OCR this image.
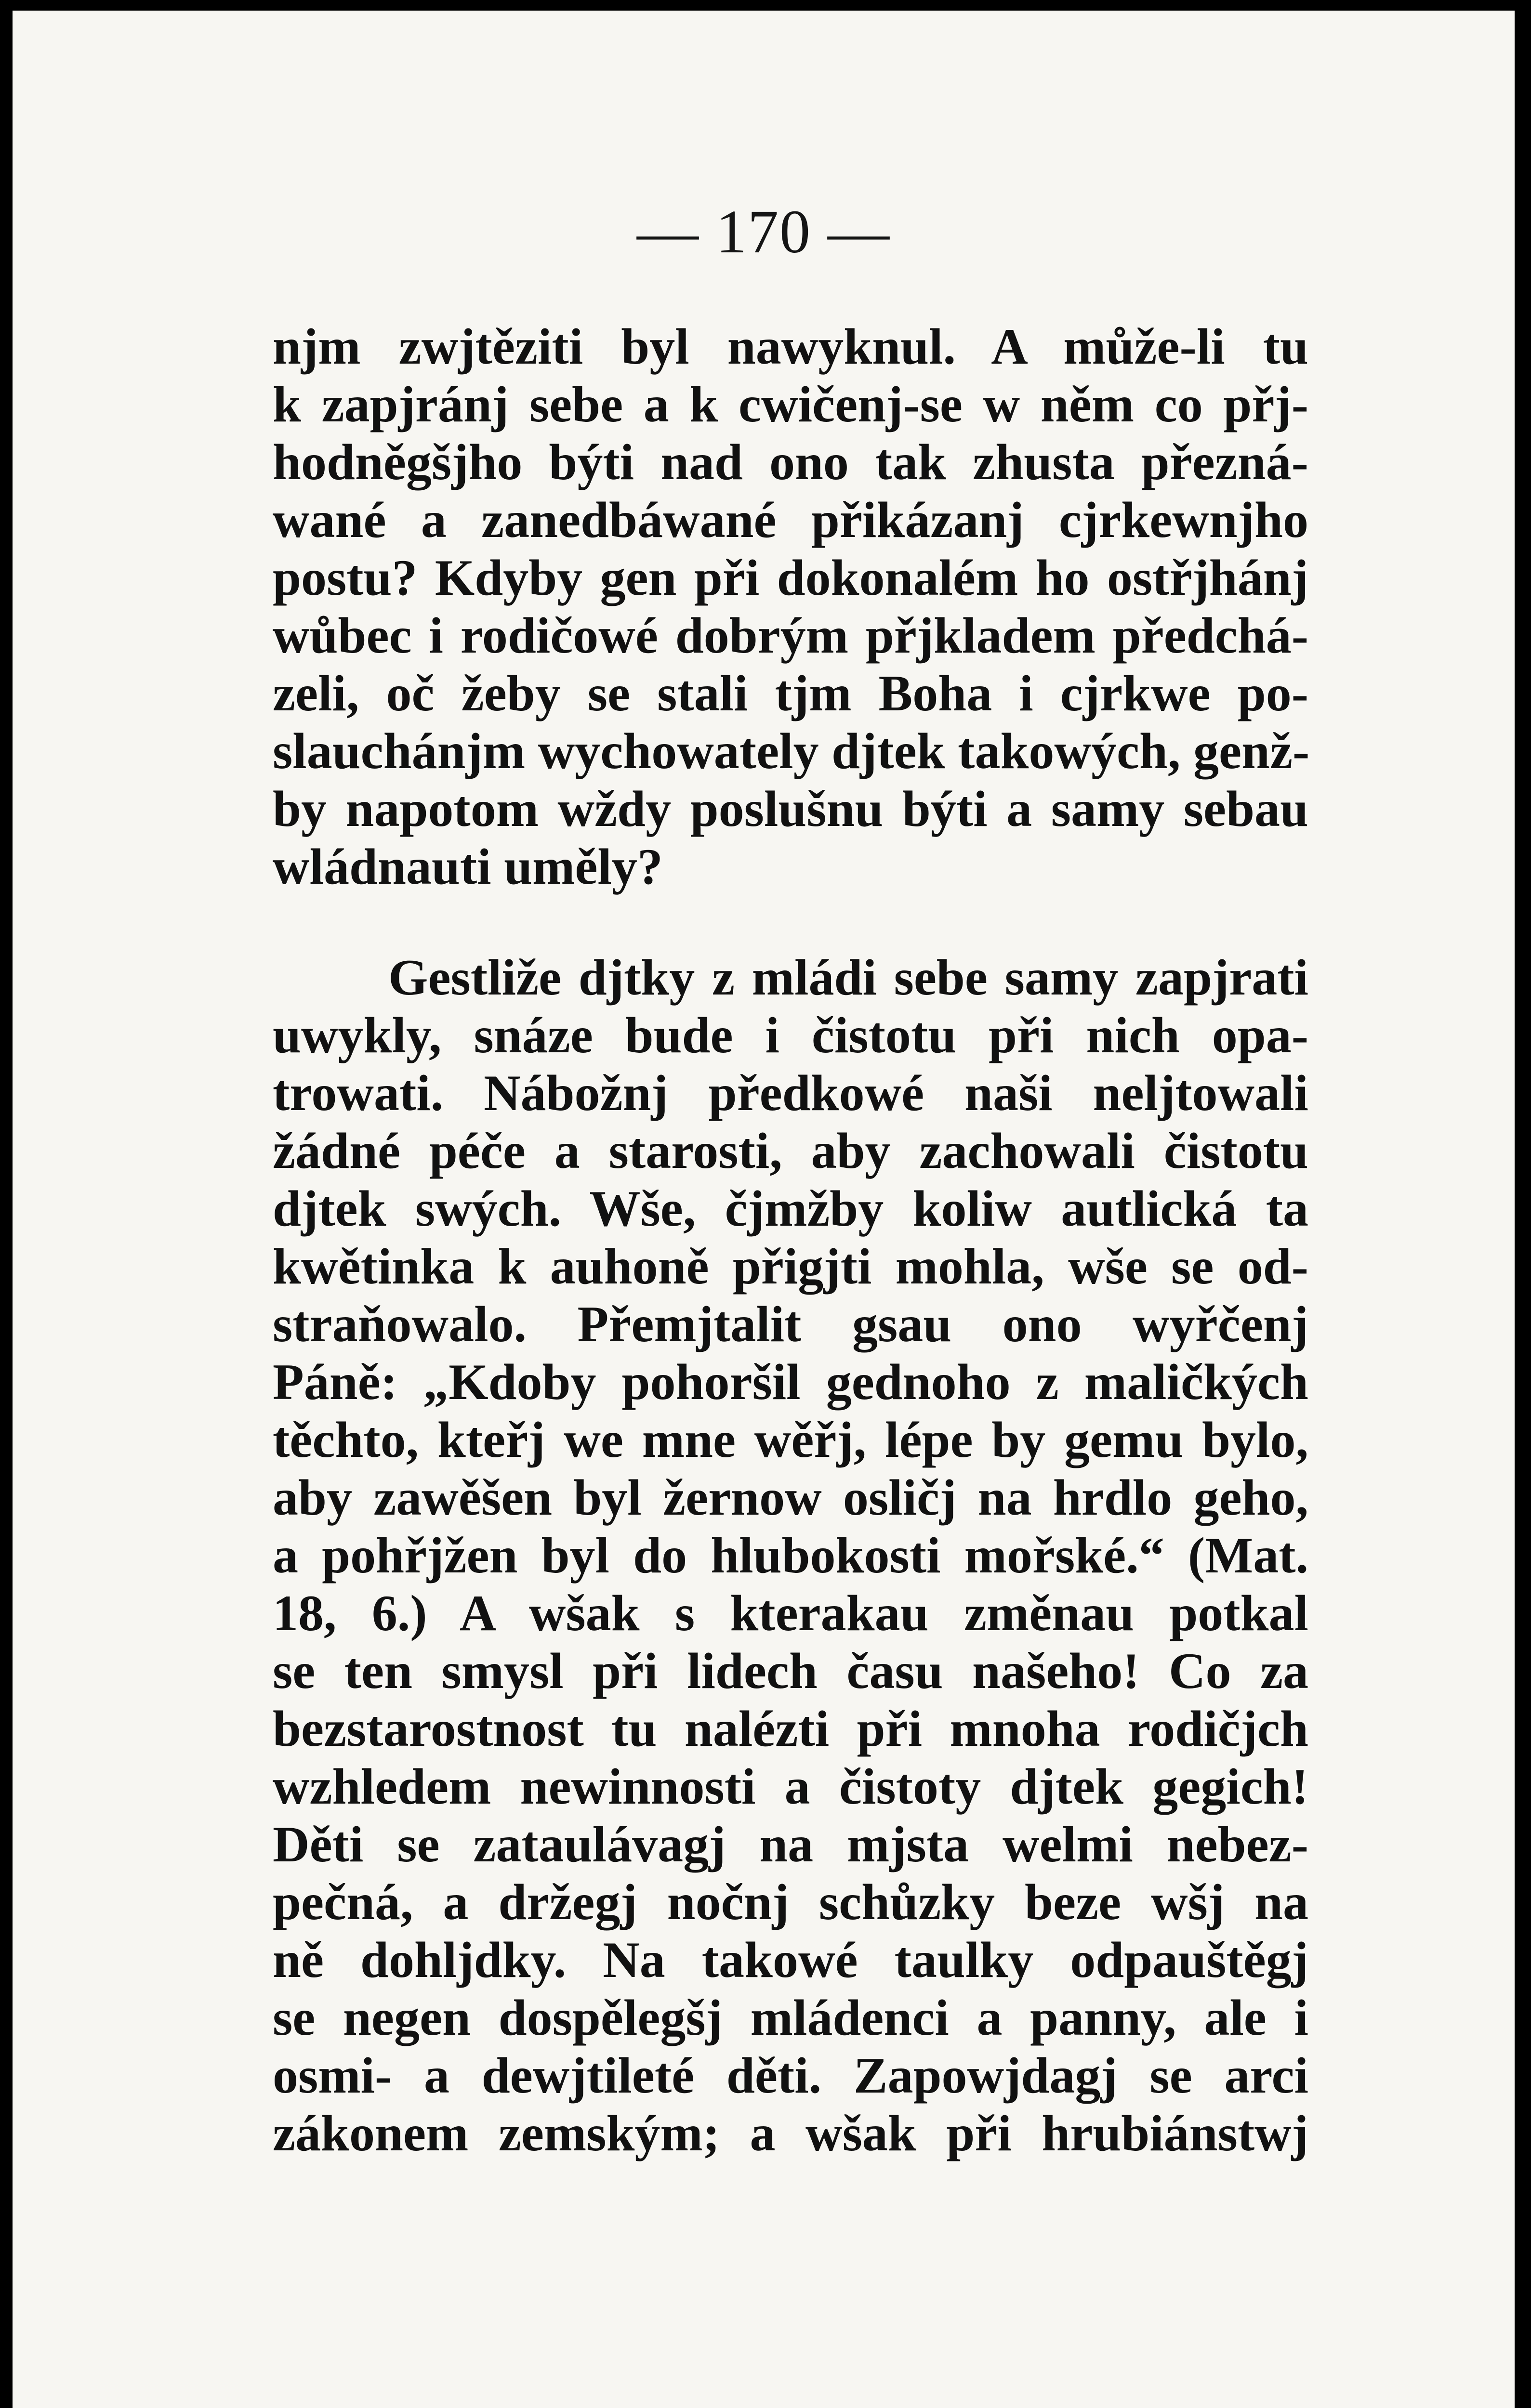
— 170 —
njm zwjtěziti byl nawyknul. A může-li tu
k zapjránj sebe a k cwičenj-se w něm co přj-
hodněgšjho býti nad ono tak zhusta přezná-
wané a zanedbáwané přikázanj cjrkewnjho
postu? Kdyby gen při dokonalém ho ostřjhánj
wůbec i rodičowé dobrým přjkladem předchá-
zeli, oč žeby se stali tjm Boha i cjrkwe po-
slauchánjm wychowately djtek takowých, genž-
by napotom wždy poslušnu býti a samy sebau
wládnauti uměly?
Gestliže djtky z mládi sebe samy zapjrati
uwykly, snáze bude i čistotu při nich opa-
trowati. Nábožnj předkowé naši neljtowali
žádné péče a starosti, aby zachowali čistotu
djtek swých. Wše, čjmžby koliw autlická ta
kwětinka k auhoně přigjti mohla, wše se od-
straňowalo. Přemjtalit gsau ono wyřčenj
Páně: „Kdoby pohoršil gednoho z maličkých
těchto, kteřj we mne wěřj, lépe by gemu bylo,
aby zawěšen byl žernow osličj na hrdlo geho,
a pohřjžen byl do hlubokosti mořské.“ (Mat.
18, 6.) A wšak s kterakau změnau potkal
se ten smysl při lidech času našeho! Co za
bezstarostnost tu nalézti při mnoha rodičjch
wzhledem newinnosti a čistoty djtek gegich!
Děti se zataulávagj na mjsta welmi nebez-
pečná, a držegj nočnj schůzky beze wšj na
ně dohljdky. Na takowé taulky odpauštěgj
se negen dospělegšj mládenci a panny, ale i
osmi- a dewjtileté děti. Zapowjdagj se arci
zákonem zemským; a wšak při hrubiánstwj
